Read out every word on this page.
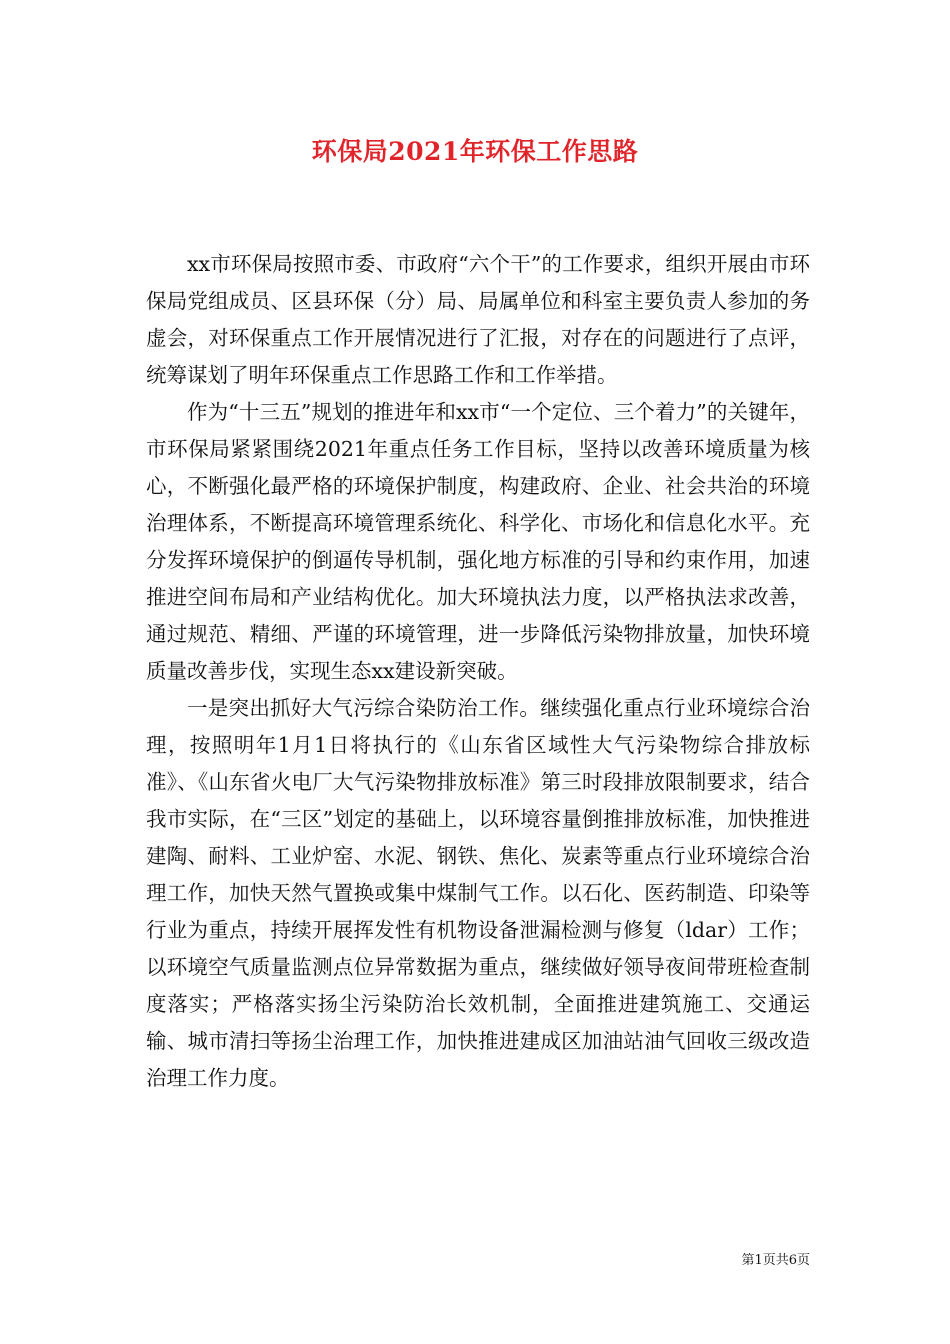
环保局2021年环保工作思路

xx市环保局按照市委、市政府“六个干”的工作要求，组织开展由市环保局党组成员、区县环保（分）局、局属单位和科室主要负责人参加的务虚会，对环保重点工作开展情况进行了汇报，对存在的问题进行了点评，统筹谋划了明年环保重点工作思路工作和工作举措。

作为“十三五”规划的推进年和xx市“一个定位、三个着力”的关键年，市环保局紧紧围绕2021年重点任务工作目标，坚持以改善环境质量为核心，不断强化最严格的环境保护制度，构建政府、企业、社会共治的环境治理体系，不断提高环境管理系统化、科学化、市场化和信息化水平。充分发挥环境保护的倒逼传导机制，强化地方标准的引导和约束作用，加速推进空间布局和产业结构优化。加大环境执法力度，以严格执法求改善，通过规范、精细、严谨的环境管理，进一步降低污染物排放量，加快环境质量改善步伐，实现生态xx建设新突破。

一是突出抓好大气污综合染防治工作。继续强化重点行业环境综合治理，按照明年1月1日将执行的《山东省区域性大气污染物综合排放标准》、《山东省火电厂大气污染物排放标准》第三时段排放限制要求，结合我市实际，在“三区”划定的基础上，以环境容量倒推排放标准，加快推进建陶、耐料、工业炉窑、水泥、钢铁、焦化、炭素等重点行业环境综合治理工作，加快天然气置换或集中煤制气工作。以石化、医药制造、印染等行业为重点，持续开展挥发性有机物设备泄漏检测与修复（ldar）工作；以环境空气质量监测点位异常数据为重点，继续做好领导夜间带班检查制度落实；严格落实扬尘污染防治长效机制，全面推进建筑施工、交通运输、城市清扫等扬尘治理工作，加快推进建成区加油站油气回收三级改造治理工作力度。

第1页共6页
